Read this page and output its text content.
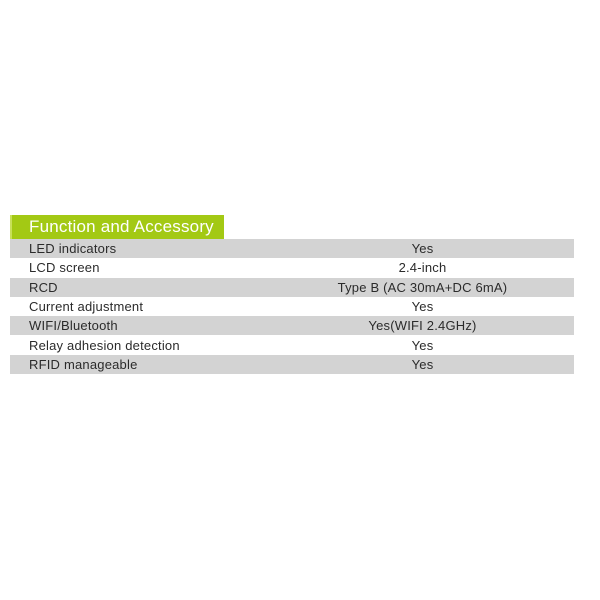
Function and Accessory
LED indicators	Yes
LCD screen	2.4-inch
RCD	Type B (AC 30mA+DC 6mA)
Current adjustment	Yes
WIFI/Bluetooth	Yes(WIFI 2.4GHz)
Relay adhesion detection	Yes
RFID manageable	Yes
